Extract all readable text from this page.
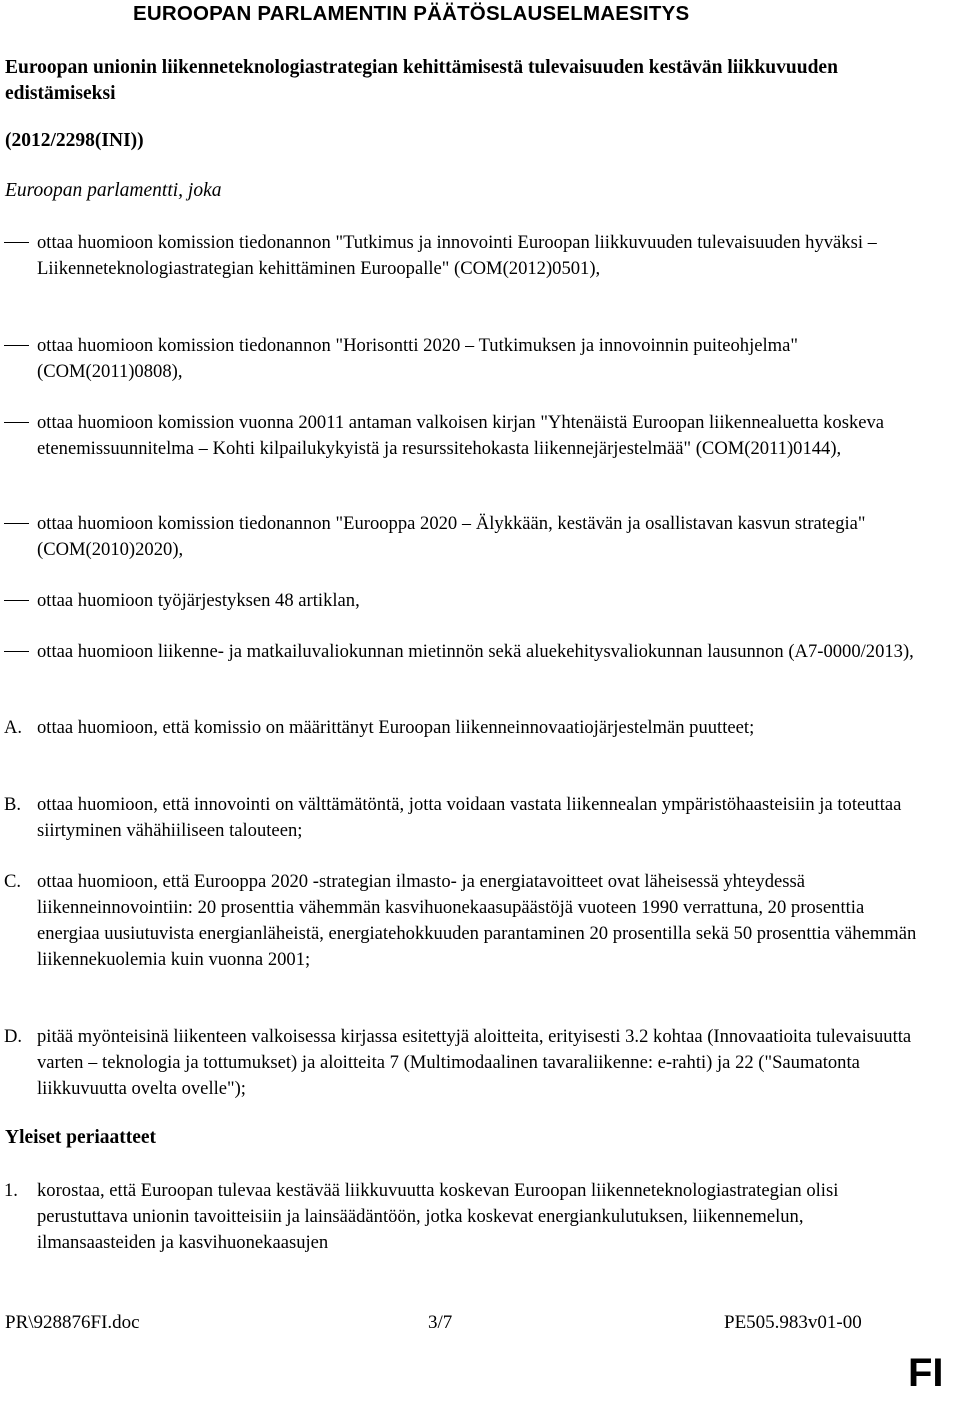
EUROOPAN PARLAMENTIN PÄÄTÖSLAUSELMAESITYS
Euroopan unionin liikenneteknologiastrategian kehittämisestä tulevaisuuden kestävän liikkuvuuden edistämiseksi
(2012/2298(INI))
Euroopan parlamentti, joka
ottaa huomioon komission tiedonannon "Tutkimus ja innovointi Euroopan liikkuvuuden tulevaisuuden hyväksi ⎯ Liikenneteknologiastrategian kehittäminen Euroopalle" (COM(2012)0501),
ottaa huomioon komission tiedonannon "Horisontti 2020 ⎯ Tutkimuksen ja innovoinnin puiteohjelma" (COM(2011)0808),
ottaa huomioon komission vuonna 20011 antaman valkoisen kirjan "Yhtenäistä Euroopan liikennealuetta koskeva etenemissuunnitelma ⎯ Kohti kilpailukykyistä ja resurssitehokasta liikennejärjestelmää" (COM(2011)0144),
ottaa huomioon komission tiedonannon "Eurooppa 2020 ⎯ Älykkään, kestävän ja osallistavan kasvun strategia" (COM(2010)2020),
ottaa huomioon työjärjestyksen 48 artiklan,
ottaa huomioon liikenne- ja matkailuvaliokunnan mietinnön sekä aluekehitysvaliokunnan lausunnon (A7-0000/2013),
A. ottaa huomioon, että komissio on määrittänyt Euroopan liikenneinnovaatiojärjestelmän puutteet;
B. ottaa huomioon, että innovointi on välttämätöntä, jotta voidaan vastata liikennealan ympäristöhaasteisiin ja toteuttaa siirtyminen vähähiiliseen talouteen;
C. ottaa huomioon, että Eurooppa 2020 -strategian ilmasto- ja energiatavoitteet ovat läheisessä yhteydessä liikenneinnovointiin: 20 prosenttia vähemmän kasvihuonekaasupäästöjä vuoteen 1990 verrattuna, 20 prosenttia energiaa uusiutuvista energianläheistä, energiatehokkuuden parantaminen 20 prosentilla sekä 50 prosenttia vähemmän liikennekuolemia kuin vuonna 2001;
D. pitää myönteisinä liikenteen valkoisessa kirjassa esitettyjä aloitteita, erityisesti 3.2 kohtaa (Innovaatioita tulevaisuutta varten ⎯ teknologia ja tottumukset) ja aloitteita 7 (Multimodaalinen tavaraliikenne: e-rahti) ja 22 ("Saumatonta liikkuvuutta ovelta ovelle");
Yleiset periaatteet
1. korostaa, että Euroopan tulevaa kestävää liikkuvuutta koskevan Euroopan liikenneteknologiastrategian olisi perustuttava unionin tavoitteisiin ja lainsäädäntöön, jotka koskevat energiankulutuksen, liikennemelun, ilmansaasteiden ja kasvihuonekaasujen
PR\928876FI.doc	3/7	PE505.983v01-00
FI
